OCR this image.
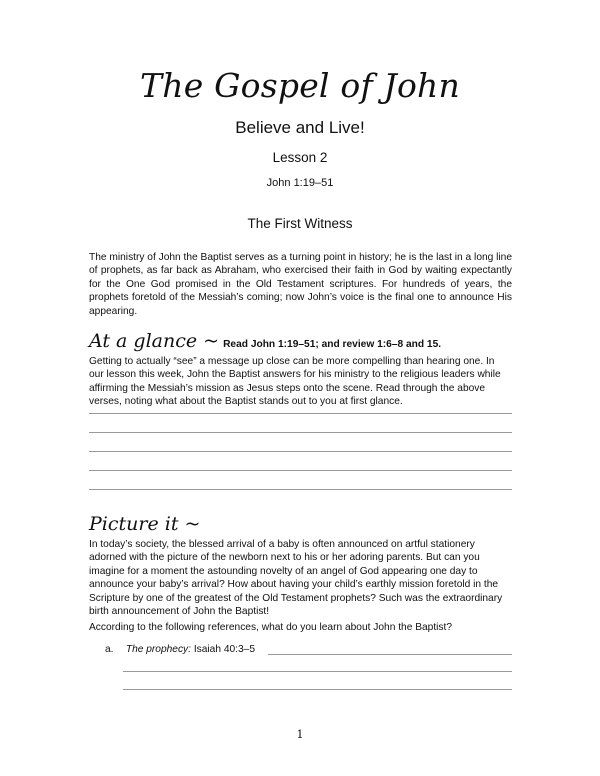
The Gospel of John
Believe and Live!
Lesson 2
John 1:19–51
The First Witness

The ministry of John the Baptist serves as a turning point in history; he is the last in a long line of prophets, as far back as Abraham, who exercised their faith in God by waiting expectantly for the One God promised in the Old Testament scriptures. For hundreds of years, the prophets foretold of the Messiah’s coming; now John’s voice is the final one to announce His appearing.

At a glance ~ Read John 1:19–51; and review 1:6–8 and 15.

Getting to actually “see” a message up close can be more compelling than hearing one. In our lesson this week, John the Baptist answers for his ministry to the religious leaders while affirming the Messiah’s mission as Jesus steps onto the scene. Read through the above verses, noting what about the Baptist stands out to you at first glance.

Picture it ~

In today’s society, the blessed arrival of a baby is often announced on artful stationery adorned with the picture of the newborn next to his or her adoring parents. But can you imagine for a moment the astounding novelty of an angel of God appearing one day to announce your baby’s arrival? How about having your child’s earthly mission foretold in the Scripture by one of the greatest of the Old Testament prophets? Such was the extraordinary birth announcement of John the Baptist!

According to the following references, what do you learn about John the Baptist?

a. The prophecy: Isaiah 40:3–5
1
